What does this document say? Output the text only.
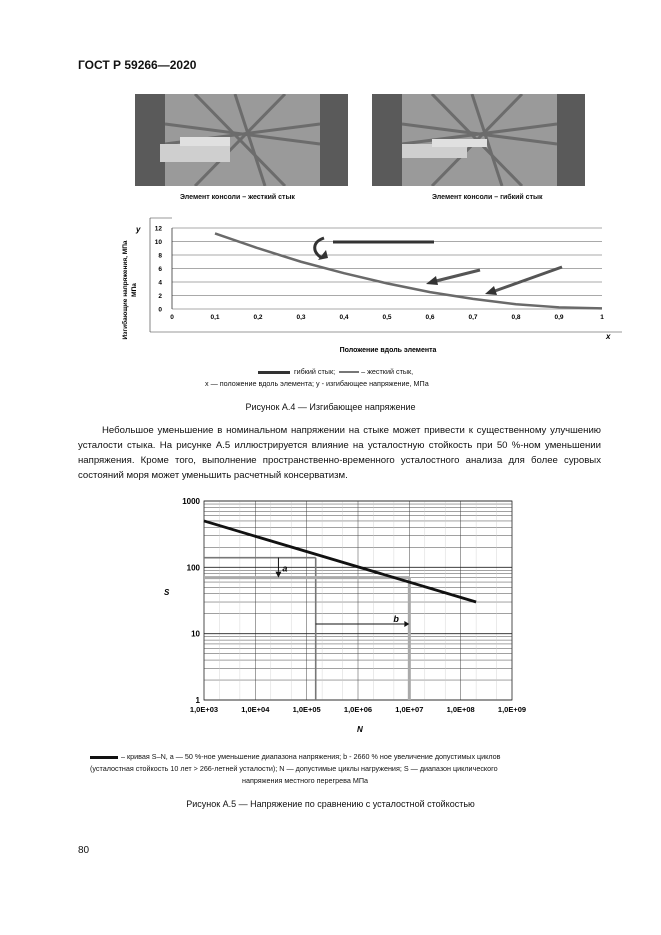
ГОСТ Р 59266—2020
Элемент консоли – жесткий стык	Элемент консоли – гибкий стык
0
2
4
6
8
10
12
0	0,1	0,2	0,3	0,4	0,5	0,6	0,7	0,8	0,9	1
Изгибающие напряжения, МПа МПа
y
x
Положение вдоль элемента
гибкий стык;	– жесткий стык,
x — положение вдоль элемента; y - изгибающее напряжение, МПа
Рисунок А.4 — Изгибающее напряжение

Небольшое уменьшение в номинальном напряжении на стыке может привести к существенному улучшению усталости стыка. На рисунке А.5 иллюстрируется влияние на усталостную стойкость при 50 %-ном уменьшении напряжения. Кроме того, выполнение пространственно-временного усталостного анализа для более суровых состояний моря может уменьшить расчетный консерватизм.

1
10
100
1000
1,0E+03	1,0E+04	1,0E+05	1,0E+06	1,0E+07	1,0E+08	1,0E+09
a
b
S
N
– кривая S–N, a — 50 %-ное уменьшение диапазона напряжения; b - 2660 % ное увеличение допустимых циклов
(усталостная стойкость 10 лет > 266-летней усталости); N — допустимые циклы нагружения; S — диапазон циклического
напряжения местного перегрева МПа
Рисунок А.5 — Напряжение по сравнению с усталостной стойкостью
80
